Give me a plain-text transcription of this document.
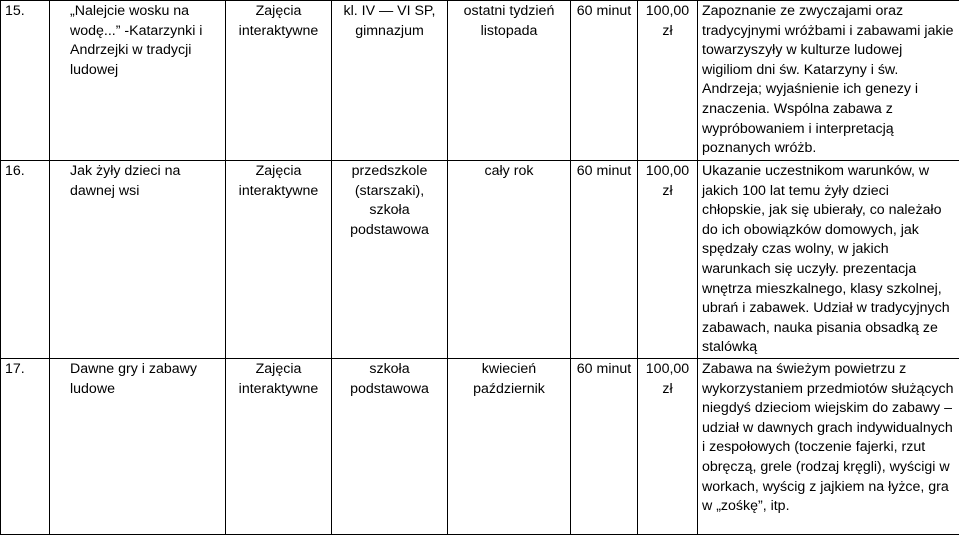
15.	„Nalejcie wosku na wodę...” -Katarzynki i Andrzejki w tradycji ludowej	Zajęcia interaktywne	kl. IV — VI SP, gimnazjum	ostatni tydzień listopada	60 minut	100,00 zł	Zapoznanie ze zwyczajami oraz tradycyjnymi wróżbami i zabawami jakie towarzyszyły w kulturze ludowej wigiliom dni św. Katarzyny i św. Andrzeja; wyjaśnienie ich genezy i znaczenia. Wspólna zabawa z wypróbowaniem i interpretacją poznanych wróżb.
16.	Jak żyły dzieci na dawnej wsi	Zajęcia interaktywne	przedszkole (starszaki), szkoła podstawowa	cały rok	60 minut	100,00 zł	Ukazanie uczestnikom warunków, w jakich 100 lat temu żyły dzieci chłopskie, jak się ubierały, co należało do ich obowiązków domowych, jak spędzały czas wolny, w jakich warunkach się uczyły. prezentacja wnętrza mieszkalnego, klasy szkolnej, ubrań i zabawek. Udział w tradycyjnych zabawach, nauka pisania obsadką ze stalówką
17.	Dawne gry i zabawy ludowe	Zajęcia interaktywne	szkoła podstawowa	kwiecień październik	60 minut	100,00 zł	Zabawa na świeżym powietrzu z wykorzystaniem przedmiotów służących niegdyś dzieciom wiejskim do zabawy – udział w dawnych grach indywidualnych i zespołowych (toczenie fajerki, rzut obręczą, grele (rodzaj kręgli), wyścigi w workach, wyścig z jajkiem na łyżce, gra w „zośkę”, itp.
